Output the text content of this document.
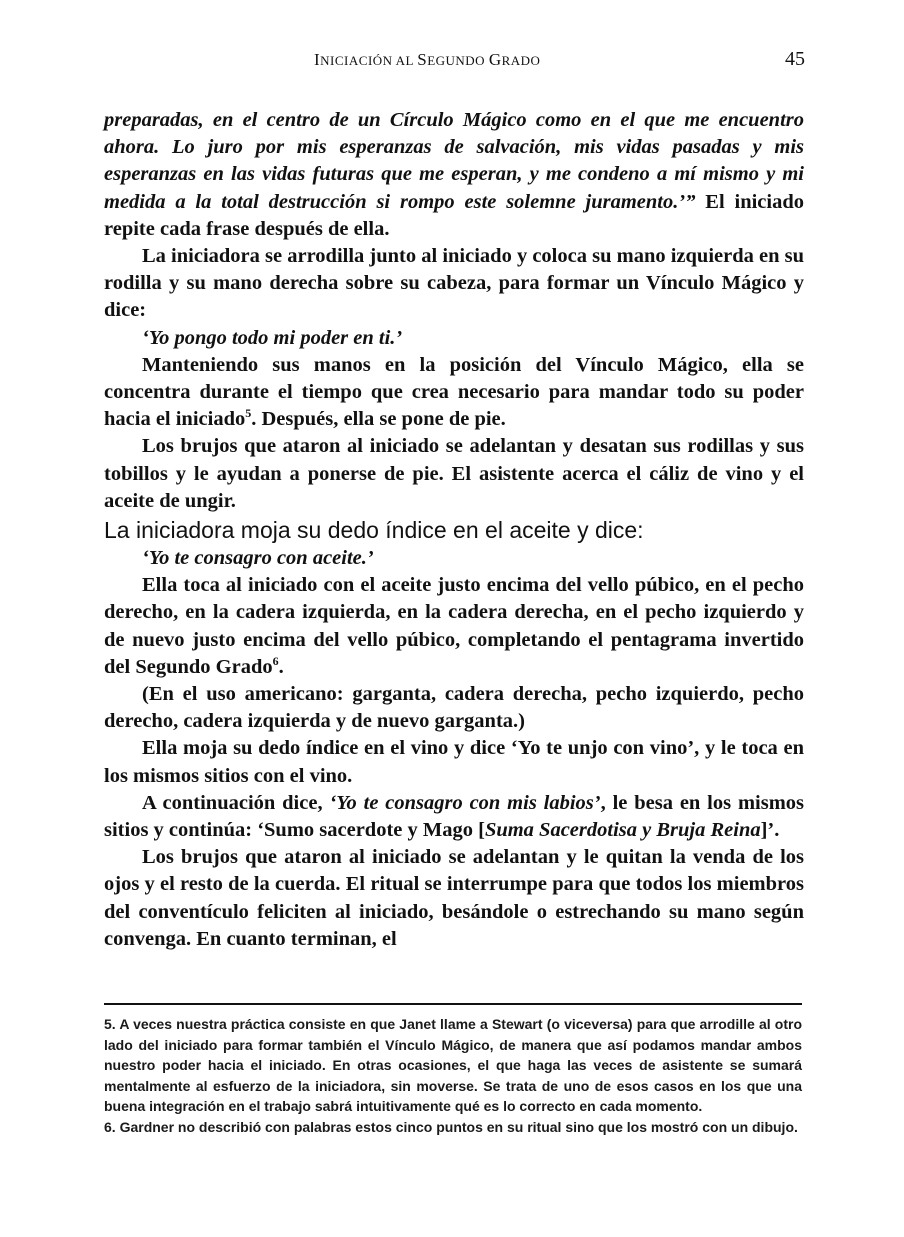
INICIACIÓN AL SEGUNDO GRADO	45

preparadas, en el centro de un Círculo Mágico como en el que me encuentro ahora. Lo juro por mis esperanzas de salvación, mis vidas pasadas y mis esperanzas en las vidas futuras que me esperan, y me condeno a mí mismo y mi medida a la total destrucción si rompo este solemne juramento.’” El iniciado repite cada frase después de ella.

La iniciadora se arrodilla junto al iniciado y coloca su mano izquierda en su rodilla y su mano derecha sobre su cabeza, para formar un Vínculo Mágico y dice:

‘Yo pongo todo mi poder en ti.’

Manteniendo sus manos en la posición del Vínculo Mágico, ella se concentra durante el tiempo que crea necesario para mandar todo su poder hacia el iniciado$^5$. Después, ella se pone de pie.

Los brujos que ataron al iniciado se adelantan y desatan sus rodillas y sus tobillos y le ayudan a ponerse de pie. El asistente acerca el cáliz de vino y el aceite de ungir.

La iniciadora moja su dedo índice en el aceite y dice:

‘Yo te consagro con aceite.’

Ella toca al iniciado con el aceite justo encima del vello púbico, en el pecho derecho, en la cadera izquierda, en la cadera derecha, en el pecho izquierdo y de nuevo justo encima del vello púbico, completando el pentagrama invertido del Segundo Grado$^6$.

(En el uso americano: garganta, cadera derecha, pecho izquierdo, pecho derecho, cadera izquierda y de nuevo garganta.)

Ella moja su dedo índice en el vino y dice ‘Yo te unjo con vino’, y le toca en los mismos sitios con el vino.

A continuación dice, ‘Yo te consagro con mis labios’, le besa en los mismos sitios y continúa: ‘Sumo sacerdote y Mago [Suma Sacerdotisa y Bruja Reina]’.

Los brujos que ataron al iniciado se adelantan y le quitan la venda de los ojos y el resto de la cuerda. El ritual se interrumpe para que todos los miembros del conventículo feliciten al iniciado, besándole o estrechando su mano según convenga. En cuanto terminan, el

5. A veces nuestra práctica consiste en que Janet llame a Stewart (o viceversa) para que arrodille al otro lado del iniciado para formar también el Vínculo Mágico, de manera que así podamos mandar ambos nuestro poder hacia el iniciado. En otras ocasiones, el que haga las veces de asistente se sumará mentalmente al esfuerzo de la iniciadora, sin moverse. Se trata de uno de esos casos en los que una buena integración en el trabajo sabrá intuitivamente qué es lo correcto en cada momento.

6. Gardner no describió con palabras estos cinco puntos en su ritual sino que los mostró con un dibujo.
